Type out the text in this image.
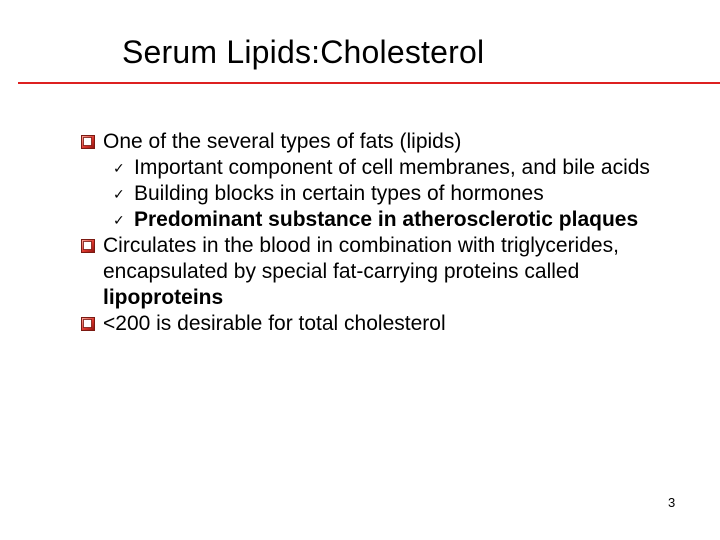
Serum Lipids:Cholesterol
One of the several types of fats (lipids)
✓ Important component of cell membranes, and bile acids
✓ Building blocks in certain types of hormones
✓ Predominant substance in atherosclerotic plaques
Circulates in the blood in combination with triglycerides, encapsulated by special fat-carrying proteins called lipoproteins
<200 is desirable for total cholesterol
3
